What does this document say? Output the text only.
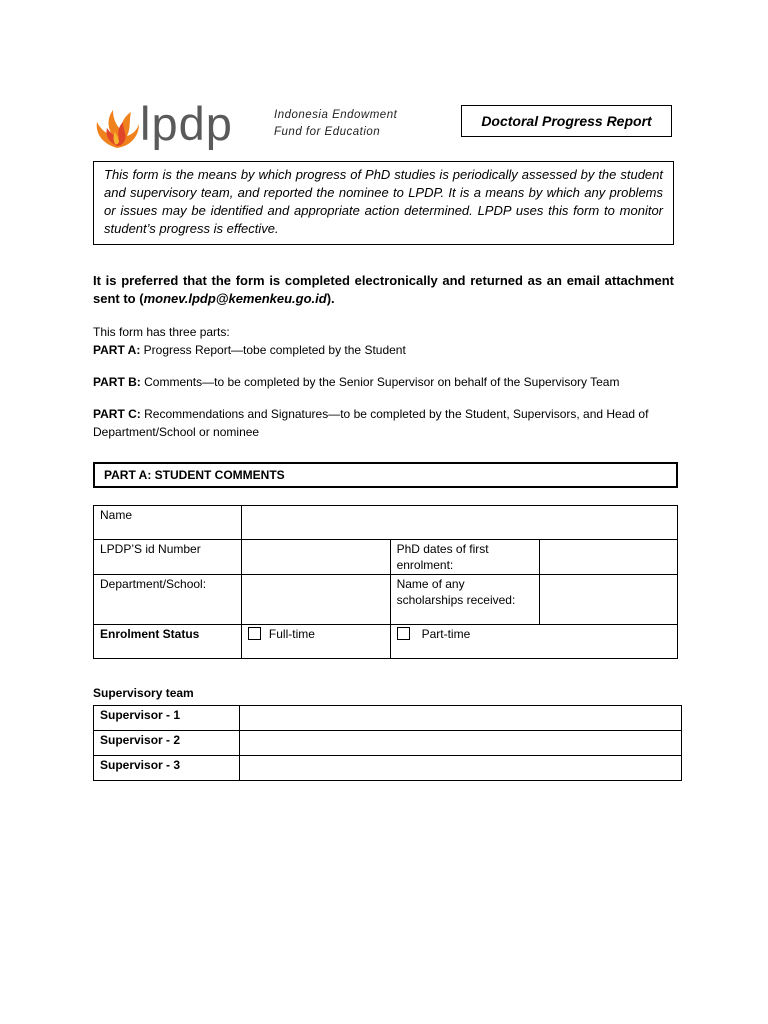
lpdp	Indonesia Endowment
Fund for Education
Doctoral Progress Report
This form is the means by which progress of PhD studies is periodically assessed by the student and supervisory team, and reported the nominee to LPDP. It is a means by which any problems or issues may be identified and appropriate action determined. LPDP uses this form to monitor student’s progress is effective.
It is preferred that the form is completed electronically and returned as an email attachment sent to (monev.lpdp@kemenkeu.go.id).
This form has three parts:
PART A: Progress Report—tobe completed by the Student
PART B: Comments—to be completed by the Senior Supervisor on behalf of the Supervisory Team
PART C: Recommendations and Signatures—to be completed by the Student, Supervisors, and Head of Department/School or nominee
PART A: STUDENT COMMENTS
Name			
LPDP’S id Number		PhD dates of first enrolment:	
Department/School:		Name of any scholarships received:	
Enrolment Status	Full-time	Part-time	
Supervisory team
Supervisor - 1	
Supervisor - 2	
Supervisor - 3	
